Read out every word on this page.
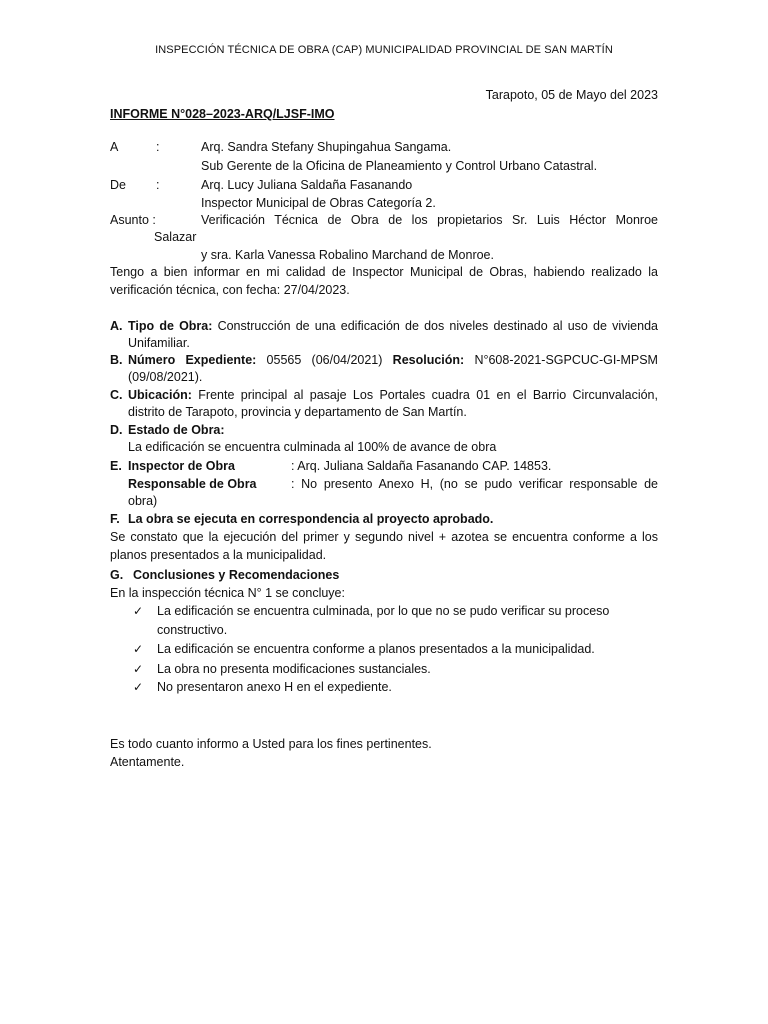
INSPECCIÓN TÉCNICA DE OBRA (CAP) MUNICIPALIDAD PROVINCIAL DE SAN MARTÍN
Tarapoto, 05 de Mayo del 2023
INFORME N°028–2023-ARQ/LJSF-IMO
A	:	Arq. Sandra Stefany Shupingahua Sangama.
Sub Gerente de la Oficina de Planeamiento y Control Urbano Catastral.
De :	Arq. Lucy Juliana Saldaña Fasanando
Inspector Municipal de Obras Categoría 2.
Asunto :	Verificación Técnica de Obra de los propietarios Sr. Luis Héctor Monroe
Salazar
y sra. Karla Vanessa Robalino Marchand de Monroe.
Tengo a bien informar en mi calidad de Inspector Municipal de Obras, habiendo realizado la
verificación técnica, con fecha: 27/04/2023.
A. Tipo de Obra: Construcción de una edificación de dos niveles destinado al uso de vivienda
Unifamiliar.
B. Número Expediente: 05565 (06/04/2021) Resolución: N°608-2021-SGPCUC-GI-MPSM
(09/08/2021).
C. Ubicación: Frente principal al pasaje Los Portales cuadra 01 en el Barrio Circunvalación,
distrito de Tarapoto, provincia y departamento de San Martín.
D. Estado de Obra:
La edificación se encuentra culminada al 100% de avance de obra
E. Inspector de Obra	: Arq. Juliana Saldaña Fasanando CAP. 14853.
Responsable de Obra	: No presento Anexo H, (no se pudo verificar responsable de
obra)
F. La obra se ejecuta en correspondencia al proyecto aprobado.
Se constato que la ejecución del primer y segundo nivel + azotea se encuentra conforme a los
planos presentados a la municipalidad.
G. Conclusiones y Recomendaciones
En la inspección técnica N° 1 se concluye:
✓ La edificación se encuentra culminada, por lo que no se pudo verificar su proceso
constructivo.
✓ La edificación se encuentra conforme a planos presentados a la municipalidad.
✓ La obra no presenta modificaciones sustanciales.
✓ No presentaron anexo H en el expediente.
Es todo cuanto informo a Usted para los fines pertinentes.
Atentamente.
